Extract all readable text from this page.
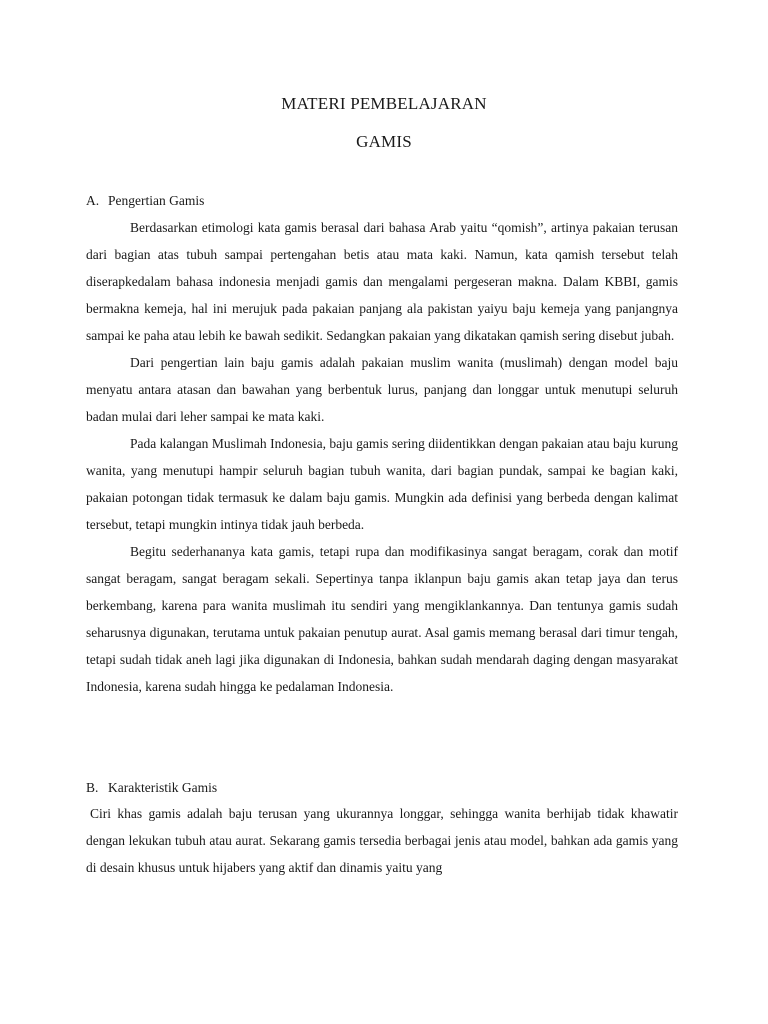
MATERI PEMBELAJARAN
GAMIS
A. Pengertian Gamis

Berdasarkan etimologi kata gamis berasal dari bahasa Arab yaitu “qomish”, artinya pakaian terusan dari bagian atas tubuh sampai pertengahan betis atau mata kaki. Namun, kata qamish tersebut telah diserapkedalam bahasa indonesia menjadi gamis dan mengalami pergeseran makna. Dalam KBBI, gamis bermakna kemeja, hal ini merujuk pada pakaian panjang ala pakistan yaiyu baju kemeja yang panjangnya sampai ke paha atau lebih ke bawah sedikit. Sedangkan pakaian yang dikatakan qamish sering disebut jubah.

Dari pengertian lain baju gamis adalah pakaian muslim wanita (muslimah) dengan model baju menyatu antara atasan dan bawahan yang berbentuk lurus, panjang dan longgar untuk menutupi seluruh badan mulai dari leher sampai ke mata kaki.

Pada kalangan Muslimah Indonesia, baju gamis sering diidentikkan dengan pakaian atau baju kurung wanita, yang menutupi hampir seluruh bagian tubuh wanita, dari bagian pundak, sampai ke bagian kaki, pakaian potongan tidak termasuk ke dalam baju gamis. Mungkin ada definisi yang berbeda dengan kalimat tersebut, tetapi mungkin intinya tidak jauh berbeda.

Begitu sederhananya kata gamis, tetapi rupa dan modifikasinya sangat beragam, corak dan motif sangat beragam, sangat beragam sekali. Sepertinya tanpa iklanpun baju gamis akan tetap jaya dan terus berkembang, karena para wanita muslimah itu sendiri yang mengiklankannya. Dan tentunya gamis sudah seharusnya digunakan, terutama untuk pakaian penutup aurat. Asal gamis memang berasal dari timur tengah, tetapi sudah tidak aneh lagi jika digunakan di Indonesia, bahkan sudah mendarah daging dengan masyarakat Indonesia, karena sudah hingga ke pedalaman Indonesia.

B. Karakteristik Gamis

Ciri khas gamis adalah baju terusan yang ukurannya longgar, sehingga wanita berhijab tidak khawatir dengan lekukan tubuh atau aurat. Sekarang gamis tersedia berbagai jenis atau model, bahkan ada gamis yang di desain khusus untuk hijabers yang aktif dan dinamis yaitu yang
